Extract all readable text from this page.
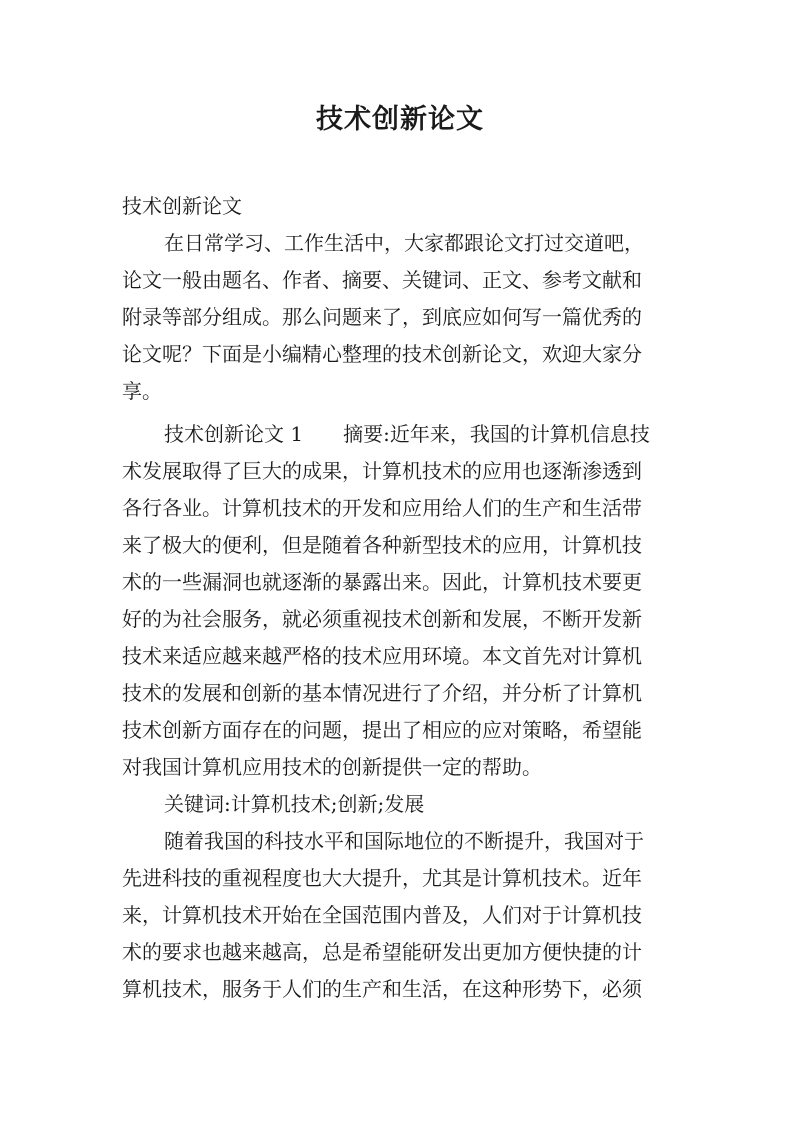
技术创新论文
技术创新论文
在日常学习、工作生活中，大家都跟论文打过交道吧，
论文一般由题名、作者、摘要、关键词、正文、参考文献和
附录等部分组成。那么问题来了，到底应如何写一篇优秀的
论文呢？下面是小编精心整理的技术创新论文，欢迎大家分
享。
技术创新论文 1 摘要:近年来，我国的计算机信息技
术发展取得了巨大的成果，计算机技术的应用也逐渐渗透到
各行各业。计算机技术的开发和应用给人们的生产和生活带
来了极大的便利，但是随着各种新型技术的应用，计算机技
术的一些漏洞也就逐渐的暴露出来。因此，计算机技术要更
好的为社会服务，就必须重视技术创新和发展，不断开发新
技术来适应越来越严格的技术应用环境。本文首先对计算机
技术的发展和创新的基本情况进行了介绍，并分析了计算机
技术创新方面存在的问题，提出了相应的应对策略，希望能
对我国计算机应用技术的创新提供一定的帮助。
关键词:计算机技术;创新;发展
随着我国的科技水平和国际地位的不断提升，我国对于
先进科技的重视程度也大大提升，尤其是计算机技术。近年
来，计算机技术开始在全国范围内普及，人们对于计算机技
术的要求也越来越高，总是希望能研发出更加方便快捷的计
算机技术，服务于人们的生产和生活，在这种形势下，必须
